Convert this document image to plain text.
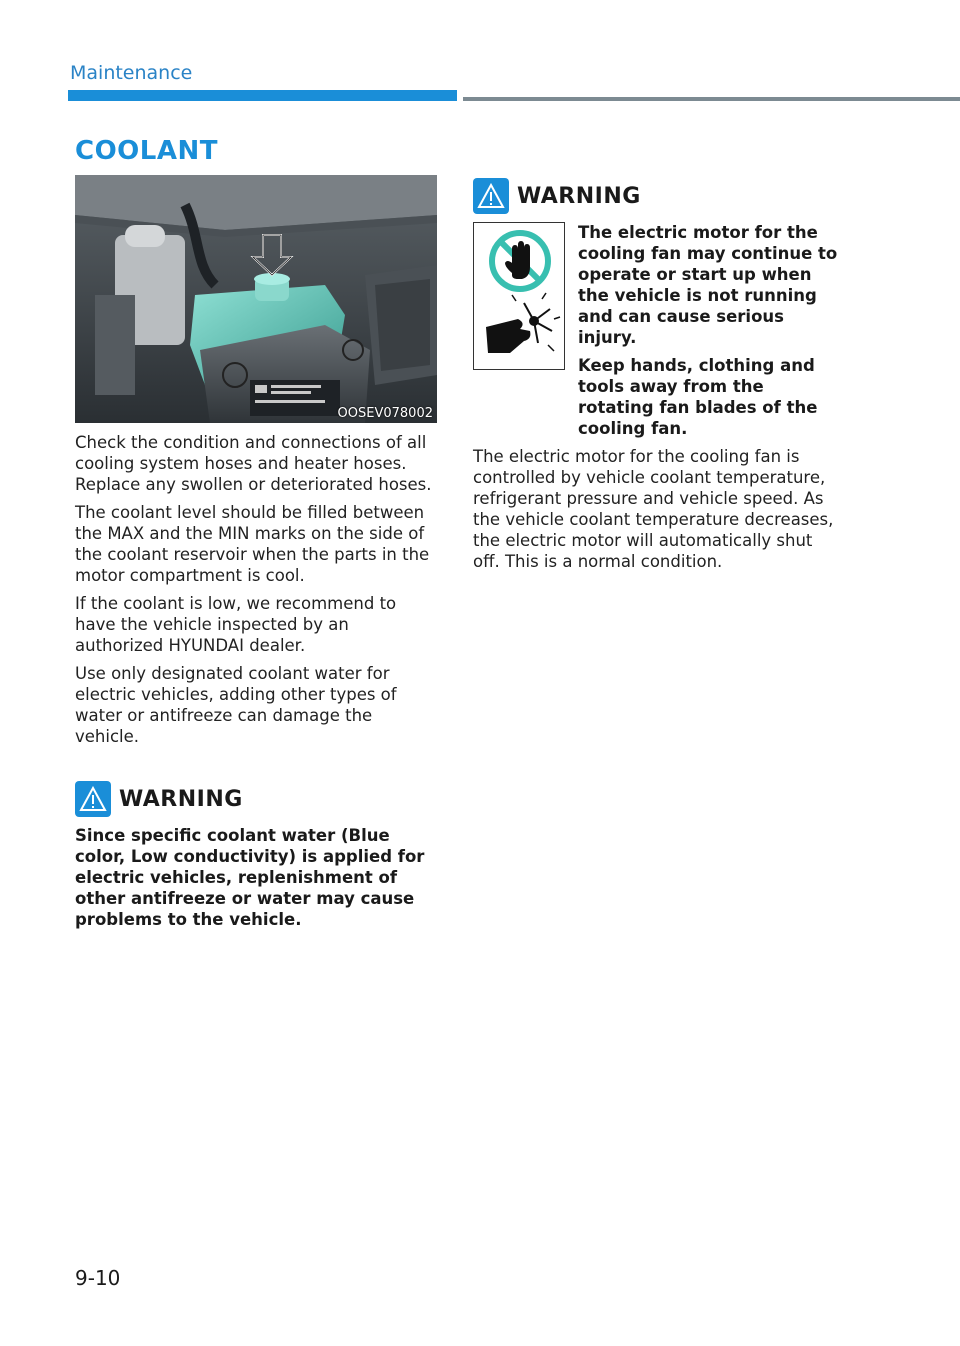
Maintenance
COOLANT
OOSEV078002

Check the condition and connections of all cooling system hoses and heater hoses. Replace any swollen or deteriorated hoses.

The coolant level should be filled between the MAX and the MIN marks on the side of the coolant reservoir when the parts in the motor compartment is cool.

If the coolant is low, we recommend to have the vehicle inspected by an authorized HYUNDAI dealer.

Use only designated coolant water for electric vehicles, adding other types of water or antifreeze can damage the vehicle.

WARNING

Since specific coolant water (Blue color, Low conductivity) is applied for electric vehicles, replenishment of other antifreeze or water may cause problems to the vehicle.

WARNING

The electric motor for the cooling fan may continue to operate or start up when the vehicle is not running and can cause serious injury.

Keep hands, clothing and tools away from the rotating fan blades of the cooling fan.

The electric motor for the cooling fan is controlled by vehicle coolant temperature, refrigerant pressure and vehicle speed. As the vehicle coolant temperature decreases, the electric motor will automatically shut off. This is a normal condition.

9-10
